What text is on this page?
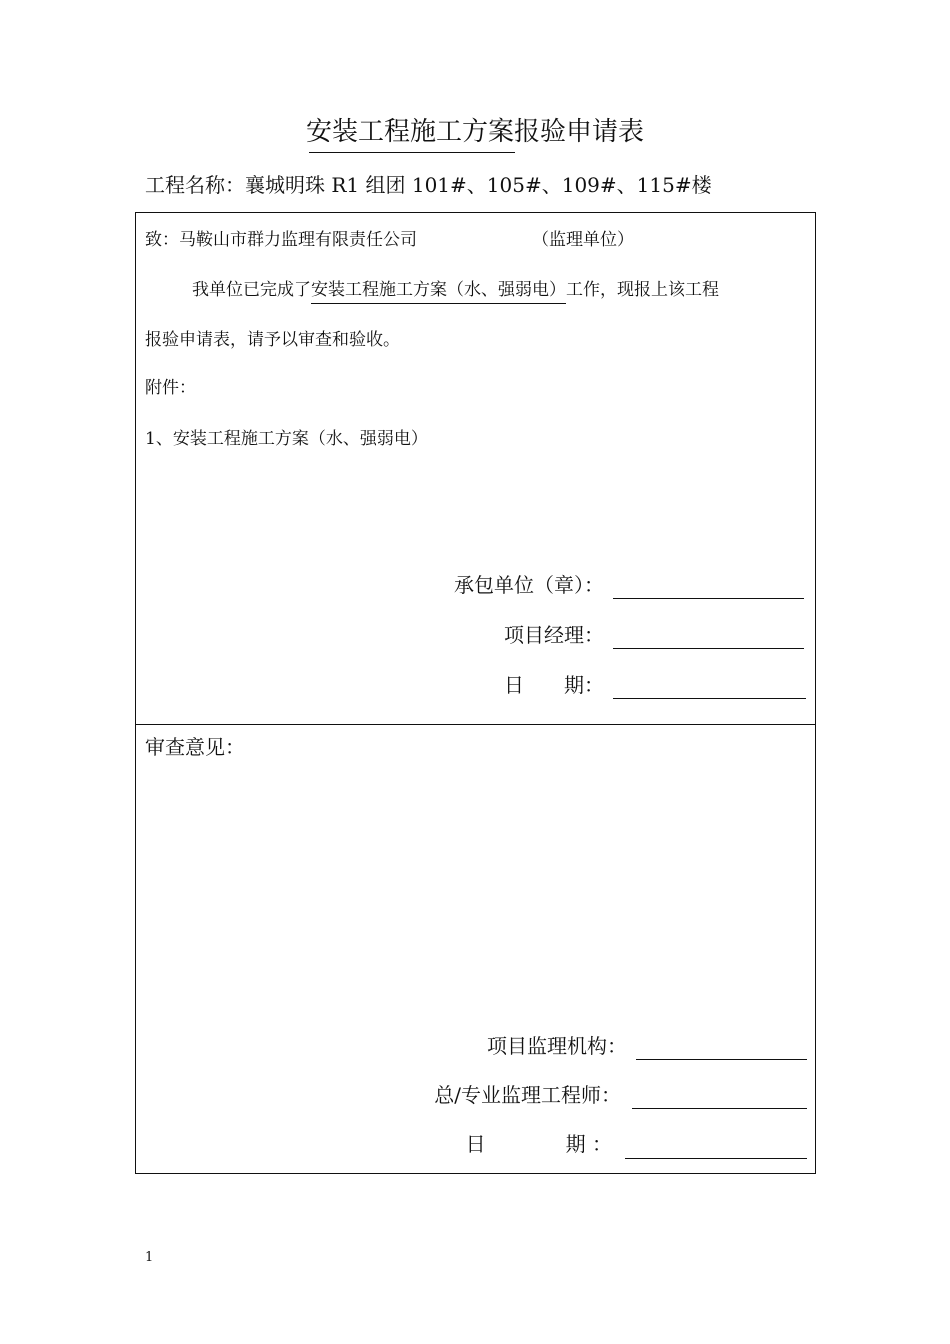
安装工程施工方案报验申请表
工程名称：襄城明珠 R1 组团 101#、105#、109#、115#楼
致：马鞍山市群力监理有限责任公司	（监理单位）
我单位已完成了安装工程施工方案（水、强弱电）工作，现报上该工程
报验申请表，请予以审查和验收。
附件：
1、安装工程施工方案（水、强弱电）
承包单位（章）：
项目经理：
日　　期：
审查意见：
项目监理机构：
总/专业监理工程师：
日　　　　期 ：
1
